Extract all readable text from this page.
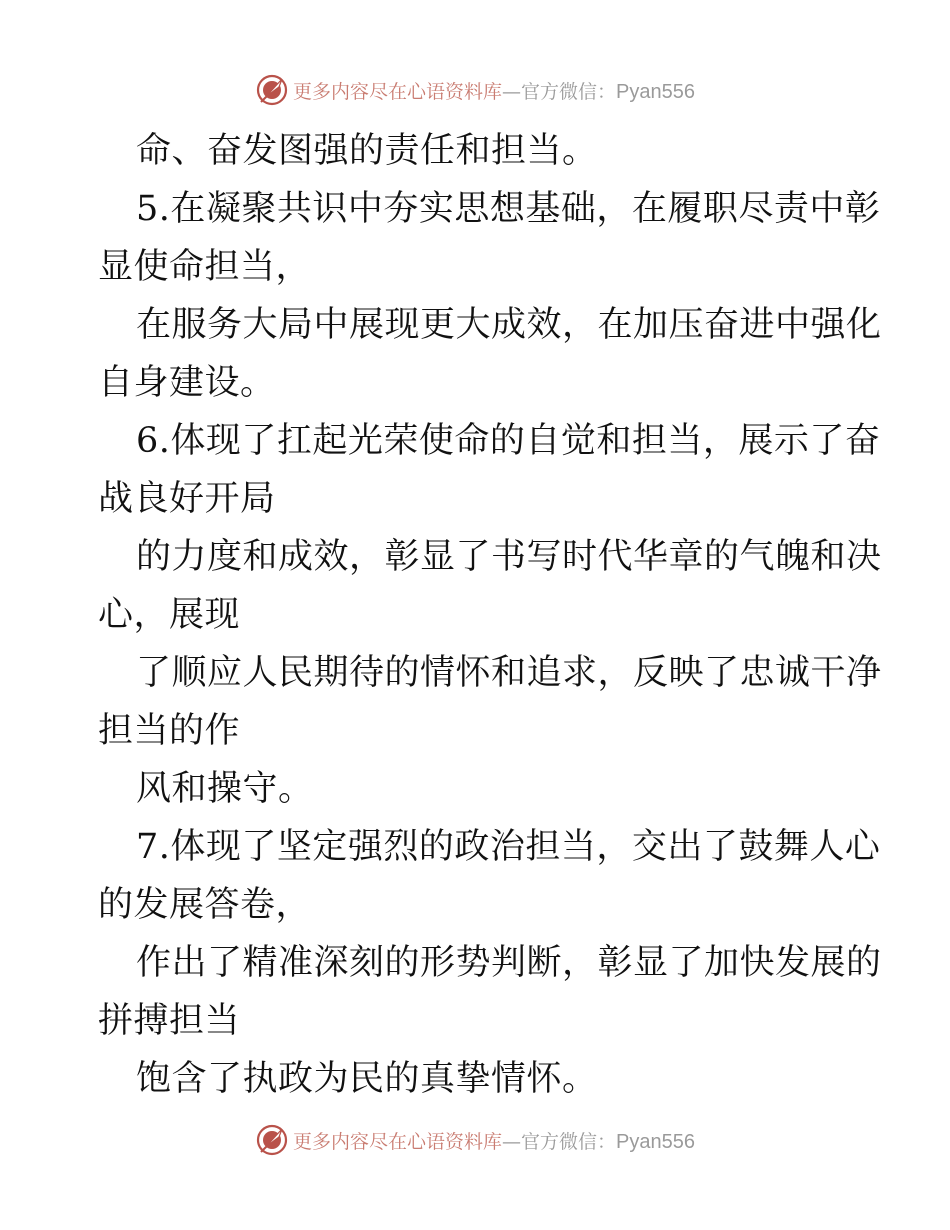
更多内容尽在心语资料库—官方微信：Pyan556
命、奋发图强的责任和担当。
5.在凝聚共识中夯实思想基础，在履职尽责中彰
显使命担当，
在服务大局中展现更大成效，在加压奋进中强化
自身建设。
6.体现了扛起光荣使命的自觉和担当，展示了奋
战良好开局
的力度和成效，彰显了书写时代华章的气魄和决
心，展现
了顺应人民期待的情怀和追求，反映了忠诚干净
担当的作
风和操守。
7.体现了坚定强烈的政治担当，交出了鼓舞人心
的发展答卷，
作出了精准深刻的形势判断，彰显了加快发展的
拼搏担当
饱含了执政为民的真挚情怀。
更多内容尽在心语资料库—官方微信：Pyan556
